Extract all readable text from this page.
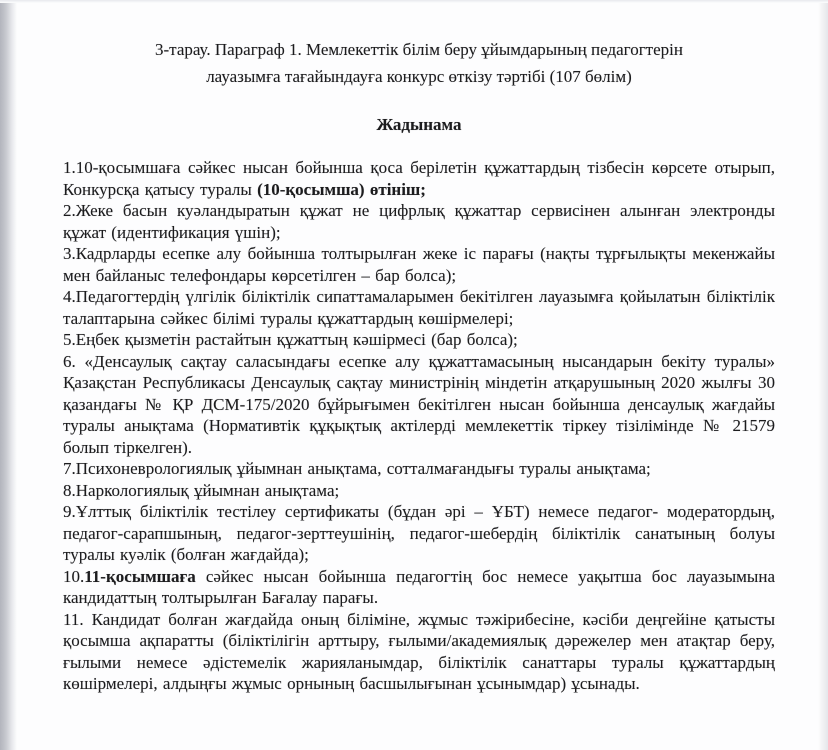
3-тарау. Параграф 1. Мемлекеттік білім беру ұйымдарының педагогтерін

лауазымға тағайындауға конкурс өткізу тәртібі (107 бөлім)

Жадынама

1.10-қосымшаға сәйкес нысан бойынша қоса берілетін құжаттардың тізбесін көрсете отырып, Конкурсқа қатысу туралы (10-қосымша) өтініш;

2.Жеке басын куәландыратын құжат не цифрлық құжаттар сервисінен алынған электронды құжат (идентификация үшін);

3.Кадрларды есепке алу бойынша толтырылған жеке іс парағы (нақты тұрғылықты мекенжайы мен байланыс телефондары көрсетілген – бар болса);

4.Педагогтердің үлгілік біліктілік сипаттамаларымен бекітілген лауазымға қойылатын біліктілік талаптарына сәйкес білімі туралы құжаттардың көшірмелері;

5.Еңбек қызметін растайтын құжаттың кәшірмесі (бар болса);

6. «Денсаулық сақтау саласындағы есепке алу құжаттамасының нысандарын бекіту туралы» Қазақстан Республикасы Денсаулық сақтау министрінің міндетін атқарушының 2020 жылғы 30 қазандағы № ҚР ДСМ-175/2020 бұйрығымен бекітілген нысан бойынша денсаулық жағдайы туралы анықтама (Нормативтік құқықтық актілерді мемлекеттік тіркеу тізілімінде № 21579 болып тіркелген).

7.Психоневрологиялық ұйымнан анықтама, сотталмағандығы туралы анықтама;

8.Наркологиялық ұйымнан анықтама;

9.Ұлттық біліктілік тестілеу сертификаты (бұдан әрі – ҰБТ) немесе педагог- модератордың, педагог-сарапшының, педагог-зерттеушінің, педагог-шебердің біліктілік санатының болуы туралы куәлік (болған жағдайда);

10.11-қосымшаға сәйкес нысан бойынша педагогтің бос немесе уақытша бос лауазымына кандидаттың толтырылған Бағалау парағы.

11. Кандидат болған жағдайда оның біліміне, жұмыс тәжірибесіне, кәсіби деңгейіне қатысты қосымша ақпаратты (біліктілігін арттыру, ғылыми/академиялық дәрежелер мен атақтар беру, ғылыми немесе әдістемелік жарияланымдар, біліктілік санаттары туралы құжаттардың көшірмелері, алдыңғы жұмыс орнының басшылығынан ұсынымдар) ұсынады.
